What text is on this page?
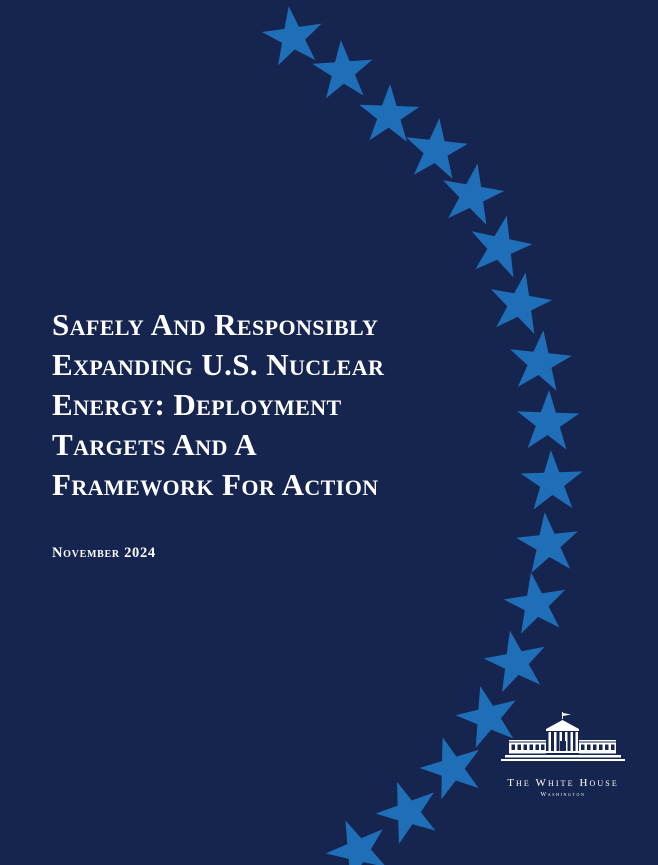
Safely And Responsibly
Expanding U.S. Nuclear
Energy: Deployment
Targets And A
Framework For Action

November 2024

The White House
Washington
